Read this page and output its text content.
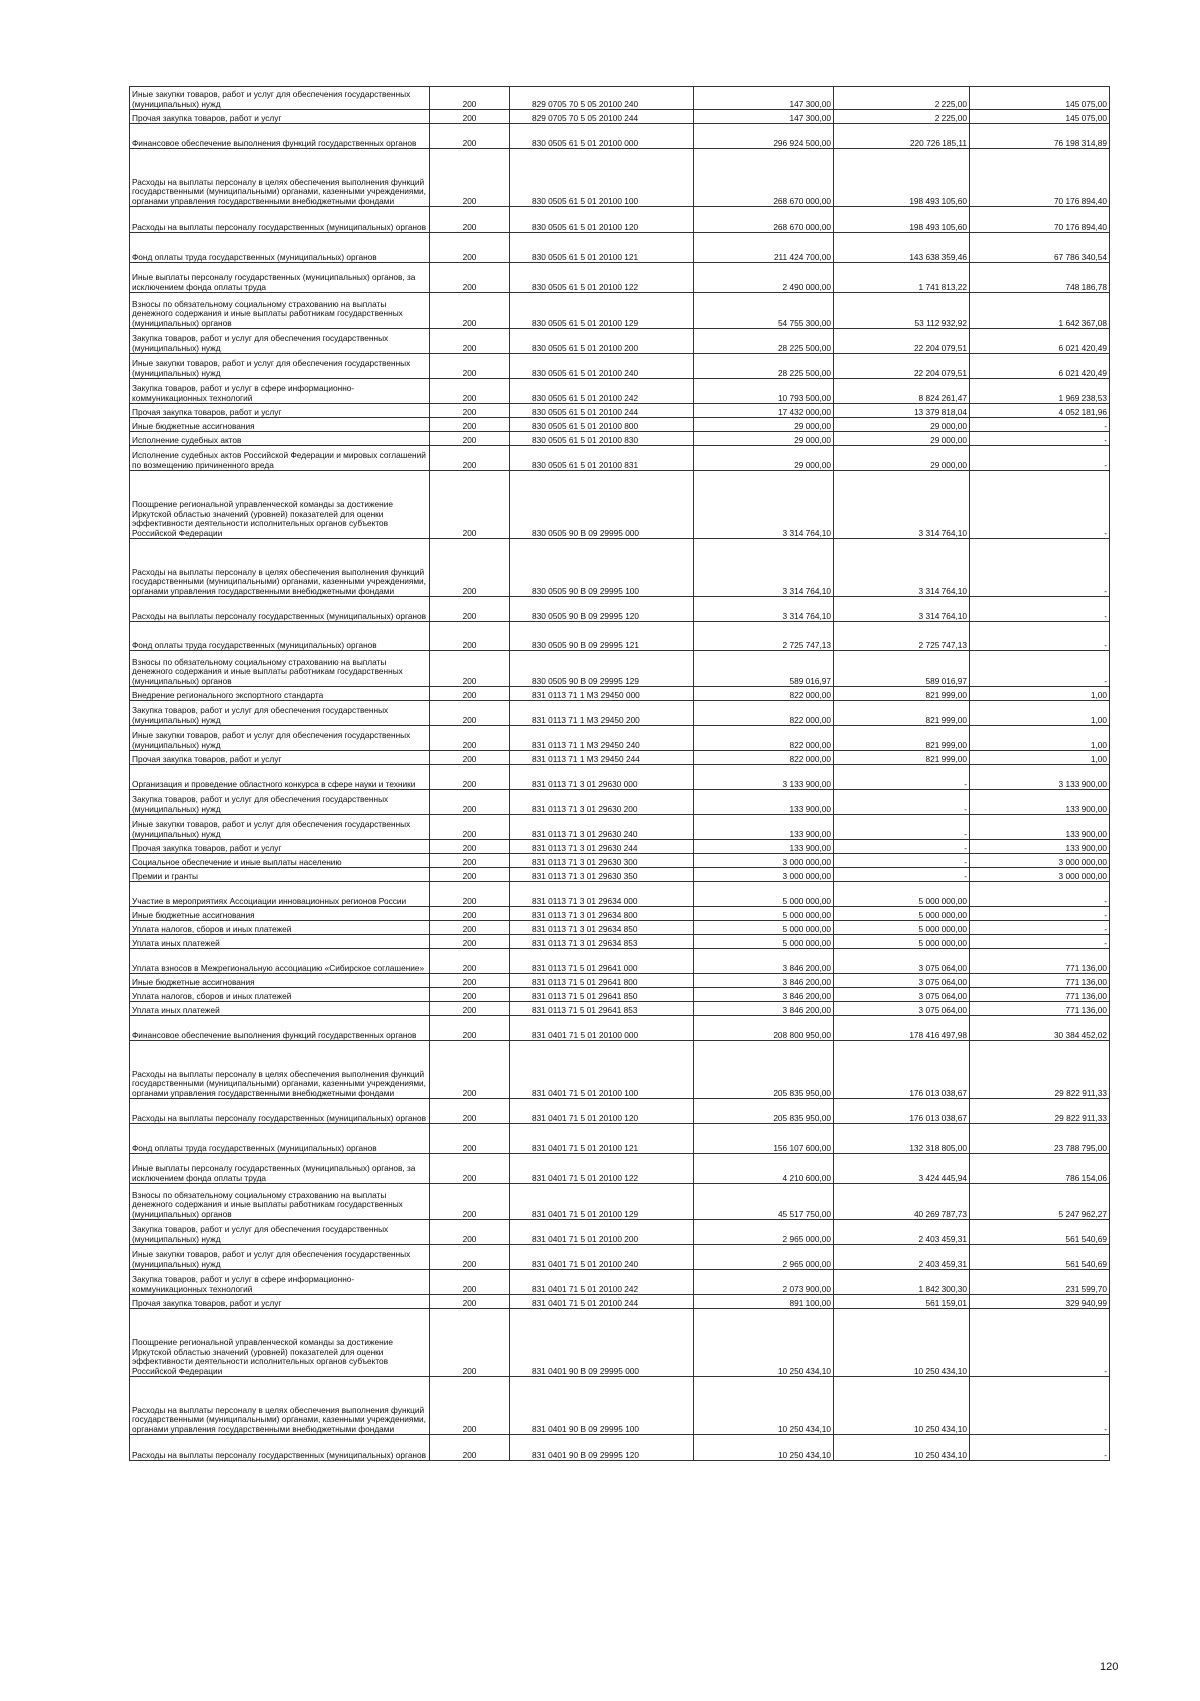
Иные закупки товаров, работ и услуг для обеспечения государственных (муниципальных) нужд	200	829 0705 70 5 05 20100 240	147 300,00	2 225,00	145 075,00
Прочая закупка товаров, работ и услуг	200	829 0705 70 5 05 20100 244	147 300,00	2 225,00	145 075,00
Финансовое обеспечение выполнения функций государственных органов	200	830 0505 61 5 01 20100 000	296 924 500,00	220 726 185,11	76 198 314,89
Расходы на выплаты персоналу в целях обеспечения выполнения функций государственными (муниципальными) органами, казенными учреждениями, органами управления государственными внебюджетными фондами	200	830 0505 61 5 01 20100 100	268 670 000,00	198 493 105,60	70 176 894,40
Расходы на выплаты персоналу государственных (муниципальных) органов	200	830 0505 61 5 01 20100 120	268 670 000,00	198 493 105,60	70 176 894,40
Фонд оплаты труда государственных (муниципальных) органов	200	830 0505 61 5 01 20100 121	211 424 700,00	143 638 359,46	67 786 340,54
Иные выплаты персоналу государственных (муниципальных) органов, за исключением фонда оплаты труда	200	830 0505 61 5 01 20100 122	2 490 000,00	1 741 813,22	748 186,78
Взносы по обязательному социальному страхованию на выплаты денежного содержания и иные выплаты работникам государственных (муниципальных) органов	200	830 0505 61 5 01 20100 129	54 755 300,00	53 112 932,92	1 642 367,08
Закупка товаров, работ и услуг для обеспечения государственных (муниципальных) нужд	200	830 0505 61 5 01 20100 200	28 225 500,00	22 204 079,51	6 021 420,49
Иные закупки товаров, работ и услуг для обеспечения государственных (муниципальных) нужд	200	830 0505 61 5 01 20100 240	28 225 500,00	22 204 079,51	6 021 420,49
Закупка товаров, работ и услуг в сфере информационно-коммуникационных технологий	200	830 0505 61 5 01 20100 242	10 793 500,00	8 824 261,47	1 969 238,53
Прочая закупка товаров, работ и услуг	200	830 0505 61 5 01 20100 244	17 432 000,00	13 379 818,04	4 052 181,96
Иные бюджетные ассигнования	200	830 0505 61 5 01 20100 800	29 000,00	29 000,00	-
Исполнение судебных актов	200	830 0505 61 5 01 20100 830	29 000,00	29 000,00	-
Исполнение судебных актов Российской Федерации и мировых соглашений по возмещению причиненного вреда	200	830 0505 61 5 01 20100 831	29 000,00	29 000,00	-
Поощрение региональной управленческой команды за достижение Иркутской областью значений (уровней) показателей для оценки эффективности деятельности исполнительных органов субъектов Российской Федерации	200	830 0505 90 В 09 29995 000	3 314 764,10	3 314 764,10	-
Расходы на выплаты персоналу в целях обеспечения выполнения функций государственными (муниципальными) органами, казенными учреждениями, органами управления государственными внебюджетными фондами	200	830 0505 90 В 09 29995 100	3 314 764,10	3 314 764,10	-
Расходы на выплаты персоналу государственных (муниципальных) органов	200	830 0505 90 В 09 29995 120	3 314 764,10	3 314 764,10	-
Фонд оплаты труда государственных (муниципальных) органов	200	830 0505 90 В 09 29995 121	2 725 747,13	2 725 747,13	-
Взносы по обязательному социальному страхованию на выплаты денежного содержания и иные выплаты работникам государственных (муниципальных) органов	200	830 0505 90 В 09 29995 129	589 016,97	589 016,97	-
Внедрение регионального экспортного стандарта	200	831 0113 71 1 М3 29450 000	822 000,00	821 999,00	1,00
Закупка товаров, работ и услуг для обеспечения государственных (муниципальных) нужд	200	831 0113 71 1 М3 29450 200	822 000,00	821 999,00	1,00
Иные закупки товаров, работ и услуг для обеспечения государственных (муниципальных) нужд	200	831 0113 71 1 М3 29450 240	822 000,00	821 999,00	1,00
Прочая закупка товаров, работ и услуг	200	831 0113 71 1 М3 29450 244	822 000,00	821 999,00	1,00
Организация и проведение областного конкурса в сфере науки и техники	200	831 0113 71 3 01 29630 000	3 133 900,00	-	3 133 900,00
Закупка товаров, работ и услуг для обеспечения государственных (муниципальных) нужд	200	831 0113 71 3 01 29630 200	133 900,00	-	133 900,00
Иные закупки товаров, работ и услуг для обеспечения государственных (муниципальных) нужд	200	831 0113 71 3 01 29630 240	133 900,00	-	133 900,00
Прочая закупка товаров, работ и услуг	200	831 0113 71 3 01 29630 244	133 900,00	-	133 900,00
Социальное обеспечение и иные выплаты населению	200	831 0113 71 3 01 29630 300	3 000 000,00	-	3 000 000,00
Премии и гранты	200	831 0113 71 3 01 29630 350	3 000 000,00	-	3 000 000,00
Участие в мероприятиях Ассоциации инновационных регионов России	200	831 0113 71 3 01 29634 000	5 000 000,00	5 000 000,00	-
Иные бюджетные ассигнования	200	831 0113 71 3 01 29634 800	5 000 000,00	5 000 000,00	-
Уплата налогов, сборов и иных платежей	200	831 0113 71 3 01 29634 850	5 000 000,00	5 000 000,00	-
Уплата иных платежей	200	831 0113 71 3 01 29634 853	5 000 000,00	5 000 000,00	-
Уплата взносов в Межрегиональную ассоциацию «Сибирское соглашение»	200	831 0113 71 5 01 29641 000	3 846 200,00	3 075 064,00	771 136,00
Иные бюджетные ассигнования	200	831 0113 71 5 01 29641 800	3 846 200,00	3 075 064,00	771 136,00
Уплата налогов, сборов и иных платежей	200	831 0113 71 5 01 29641 850	3 846 200,00	3 075 064,00	771 136,00
Уплата иных платежей	200	831 0113 71 5 01 29641 853	3 846 200,00	3 075 064,00	771 136,00
Финансовое обеспечение выполнения функций государственных органов	200	831 0401 71 5 01 20100 000	208 800 950,00	178 416 497,98	30 384 452,02
Расходы на выплаты персоналу в целях обеспечения выполнения функций государственными (муниципальными) органами, казенными учреждениями, органами управления государственными внебюджетными фондами	200	831 0401 71 5 01 20100 100	205 835 950,00	176 013 038,67	29 822 911,33
Расходы на выплаты персоналу государственных (муниципальных) органов	200	831 0401 71 5 01 20100 120	205 835 950,00	176 013 038,67	29 822 911,33
Фонд оплаты труда государственных (муниципальных) органов	200	831 0401 71 5 01 20100 121	156 107 600,00	132 318 805,00	23 788 795,00
Иные выплаты персоналу государственных (муниципальных) органов, за исключением фонда оплаты труда	200	831 0401 71 5 01 20100 122	4 210 600,00	3 424 445,94	786 154,06
Взносы по обязательному социальному страхованию на выплаты денежного содержания и иные выплаты работникам государственных (муниципальных) органов	200	831 0401 71 5 01 20100 129	45 517 750,00	40 269 787,73	5 247 962,27
Закупка товаров, работ и услуг для обеспечения государственных (муниципальных) нужд	200	831 0401 71 5 01 20100 200	2 965 000,00	2 403 459,31	561 540,69
Иные закупки товаров, работ и услуг для обеспечения государственных (муниципальных) нужд	200	831 0401 71 5 01 20100 240	2 965 000,00	2 403 459,31	561 540,69
Закупка товаров, работ и услуг в сфере информационно-коммуникационных технологий	200	831 0401 71 5 01 20100 242	2 073 900,00	1 842 300,30	231 599,70
Прочая закупка товаров, работ и услуг	200	831 0401 71 5 01 20100 244	891 100,00	561 159,01	329 940,99
Поощрение региональной управленческой команды за достижение Иркутской областью значений (уровней) показателей для оценки эффективности деятельности исполнительных органов субъектов Российской Федерации	200	831 0401 90 В 09 29995 000	10 250 434,10	10 250 434,10	-
Расходы на выплаты персоналу в целях обеспечения выполнения функций государственными (муниципальными) органами, казенными учреждениями, органами управления государственными внебюджетными фондами	200	831 0401 90 В 09 29995 100	10 250 434,10	10 250 434,10	-
Расходы на выплаты персоналу государственных (муниципальных) органов	200	831 0401 90 В 09 29995 120	10 250 434,10	10 250 434,10	-
120
